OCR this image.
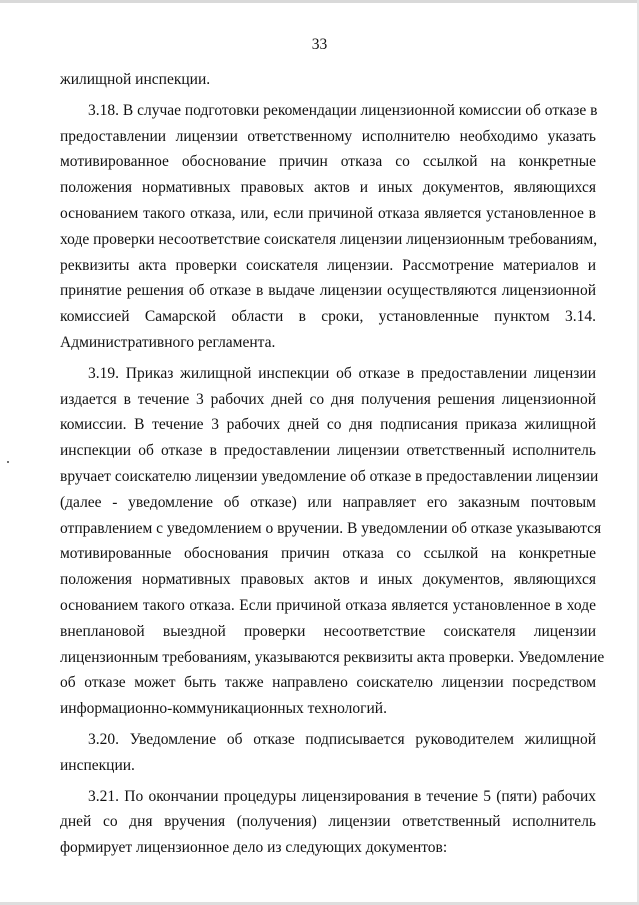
33
жилищной инспекции.
3.18. В случае подготовки рекомендации лицензионной комиссии об отказе в
предоставлении лицензии ответственному исполнителю необходимо указать
мотивированное обоснование причин отказа со ссылкой на конкретные
положения нормативных правовых актов и иных документов, являющихся
основанием такого отказа, или, если причиной отказа является установленное в
ходе проверки несоответствие соискателя лицензии лицензионным требованиям,
реквизиты акта проверки соискателя лицензии. Рассмотрение материалов и
принятие решения об отказе в выдаче лицензии осуществляются лицензионной
комиссией Самарской области в сроки, установленные пунктом 3.14.
Административного регламента.
3.19. Приказ жилищной инспекции об отказе в предоставлении лицензии
издается в течение 3 рабочих дней со дня получения решения лицензионной
комиссии. В течение 3 рабочих дней со дня подписания приказа жилищной
инспекции об отказе в предоставлении лицензии ответственный исполнитель
вручает соискателю лицензии уведомление об отказе в предоставлении лицензии
(далее - уведомление об отказе) или направляет его заказным почтовым
отправлением с уведомлением о вручении. В уведомлении об отказе указываются
мотивированные обоснования причин отказа со ссылкой на конкретные
положения нормативных правовых актов и иных документов, являющихся
основанием такого отказа. Если причиной отказа является установленное в ходе
внеплановой выездной проверки несоответствие соискателя лицензии
лицензионным требованиям, указываются реквизиты акта проверки. Уведомление
об отказе может быть также направлено соискателю лицензии посредством
информационно-коммуникационных технологий.
3.20. Уведомление об отказе подписывается руководителем жилищной
инспекции.
3.21. По окончании процедуры лицензирования в течение 5 (пяти) рабочих
дней со дня вручения (получения) лицензии ответственный исполнитель
формирует лицензионное дело из следующих документов:
